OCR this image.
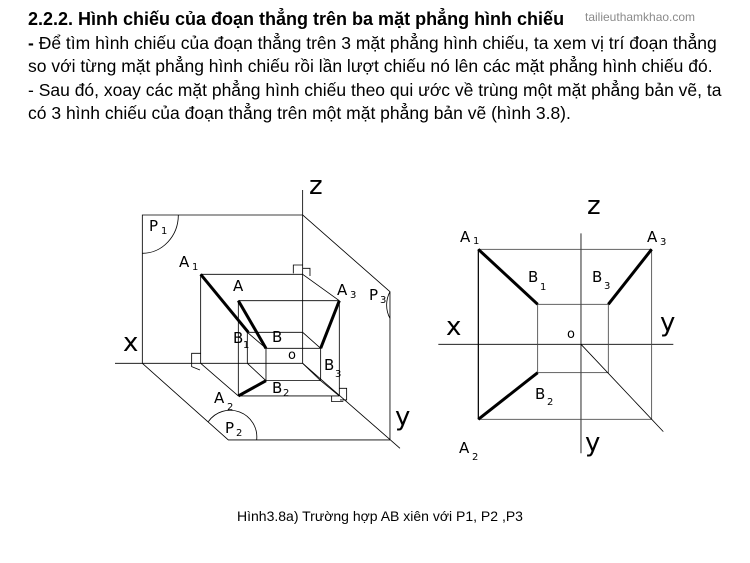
2.2.2. Hình chiếu của đoạn thẳng trên ba mặt phẳng hình chiếu
- Để tìm hình chiếu của đoạn thẳng trên 3 mặt phẳng hình chiếu, ta xem vị trí đoạn thẳng so với từng mặt phẳng hình chiếu rồi lần lượt chiếu nó lên các mặt phẳng hình chiếu đó.
- Sau đó, xoay các mặt phẳng hình chiếu theo qui ước về trùng một mặt phẳng bản vẽ, ta có 3 hình chiếu của đoạn thẳng trên một mặt phẳng bản vẽ (hình 3.8).
tailieuthamkhao.com
z
x
y
o
P 1
P 2
P 3
A 1
A
B
B 1
A
2
B 2
A 3
B
3
z
x	y
y
o
A 1	A 3
A
2
B
1
B
3
B 2
Hình3.8a) Trường hợp AB xiên với P1, P2 ,P3
